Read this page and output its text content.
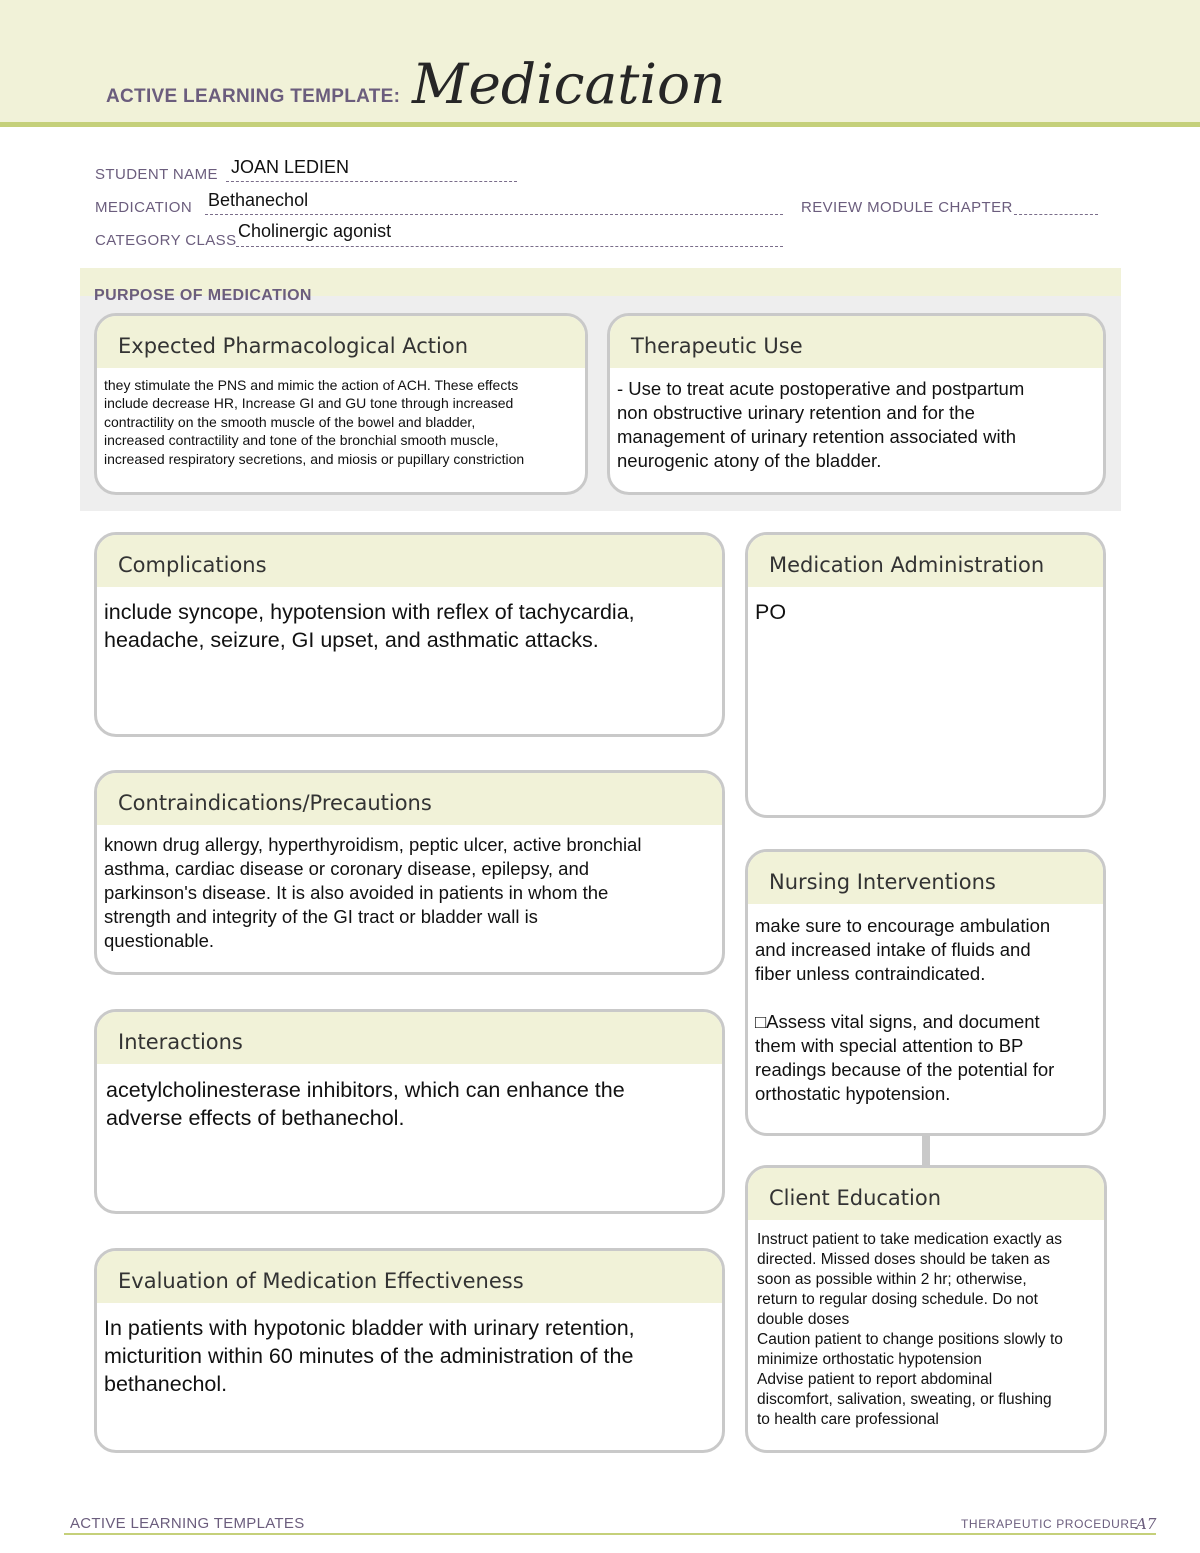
ACTIVE LEARNING TEMPLATE: Medication
STUDENT NAME JOAN LEDIEN
MEDICATION Bethanechol	REVIEW MODULE CHAPTER
CATEGORY CLASS Cholinergic agonist
PURPOSE OF MEDICATION
Expected Pharmacological Action
they stimulate the PNS and mimic the action of ACH. These effects
include decrease HR, Increase GI and GU tone through increased
contractility on the smooth muscle of the bowel and bladder,
increased contractility and tone of the bronchial smooth muscle,
increased respiratory secretions, and miosis or pupillary constriction
Therapeutic Use
- Use to treat acute postoperative and postpartum
non obstructive urinary retention and for the
management of urinary retention associated with
neurogenic atony of the bladder.
Complications
include syncope, hypotension with reflex of tachycardia,
headache, seizure, GI upset, and asthmatic attacks.
Medication Administration
PO
Contraindications/Precautions
known drug allergy, hyperthyroidism, peptic ulcer, active bronchial
asthma, cardiac disease or coronary disease, epilepsy, and
parkinson's disease. It is also avoided in patients in whom the
strength and integrity of the GI tract or bladder wall is
questionable.
Nursing Interventions
make sure to encourage ambulation
and increased intake of fluids and
fiber unless contraindicated.
□Assess vital signs, and document
them with special attention to BP
readings because of the potential for
orthostatic hypotension.
Interactions
acetylcholinesterase inhibitors, which can enhance the
adverse effects of bethanechol.
Client Education
Instruct patient to take medication exactly as
directed. Missed doses should be taken as
soon as possible within 2 hr; otherwise,
return to regular dosing schedule. Do not
double doses
Caution patient to change positions slowly to
minimize orthostatic hypotension
Advise patient to report abdominal
discomfort, salivation, sweating, or flushing
to health care professional
Evaluation of Medication Effectiveness
In patients with hypotonic bladder with urinary retention,
micturition within 60 minutes of the administration of the
bethanechol.
ACTIVE LEARNING TEMPLATES	THERAPEUTIC PROCEDURE
A7
